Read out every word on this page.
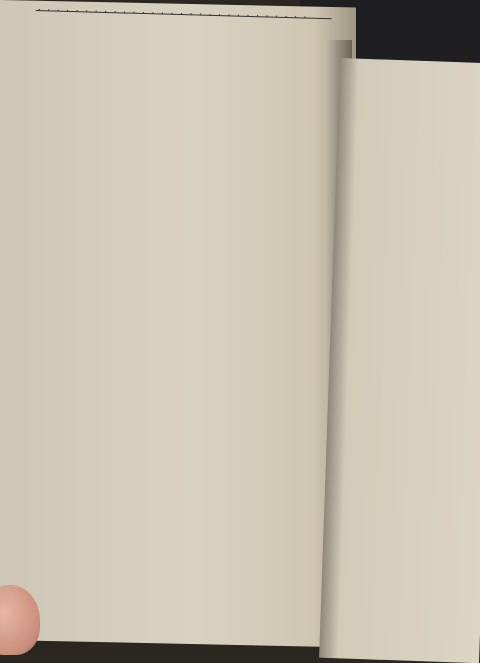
. . . . . . . . . . . . . . . . . . . . . . . . . . . . .
